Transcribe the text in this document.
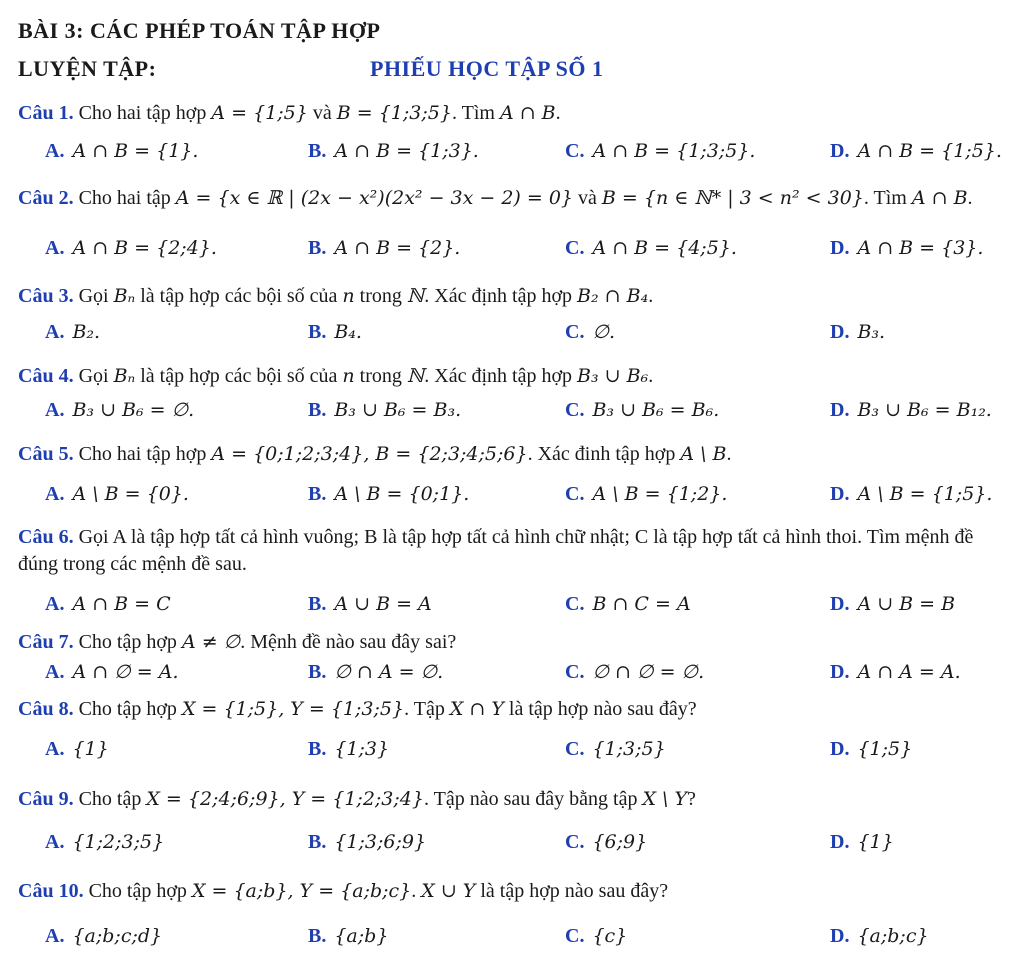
BÀI 3: CÁC PHÉP TOÁN TẬP HỢP
LUYỆN TẬP:	PHIẾU HỌC TẬP SỐ 1
Câu 1. Cho hai tập hợp A = {1;5} và B = {1;3;5}. Tìm A ∩ B.
A. A ∩ B = {1}.	B. A ∩ B = {1;3}.	C. A ∩ B = {1;3;5}.	D. A ∩ B = {1;5}.
Câu 2. Cho hai tập A = {x ∈ ℝ | (2x − x²)(2x² − 3x − 2) = 0} và B = {n ∈ ℕ* | 3 < n² < 30}. Tìm A ∩ B.
A. A ∩ B = {2;4}.	B. A ∩ B = {2}.	C. A ∩ B = {4;5}.	D. A ∩ B = {3}.
Câu 3. Gọi Bₙ là tập hợp các bội số của n trong ℕ. Xác định tập hợp B₂ ∩ B₄.
A. B₂.	B. B₄.	C. ∅.	D. B₃.
Câu 4. Gọi Bₙ là tập hợp các bội số của n trong ℕ. Xác định tập hợp B₃ ∪ B₆.
A. B₃ ∪ B₆ = ∅.	B. B₃ ∪ B₆ = B₃.	C. B₃ ∪ B₆ = B₆.	D. B₃ ∪ B₆ = B₁₂.
Câu 5. Cho hai tập hợp A = {0;1;2;3;4}, B = {2;3;4;5;6}. Xác đinh tập hợp A \ B.
A. A \ B = {0}.	B. A \ B = {0;1}.	C. A \ B = {1;2}.	D. A \ B = {1;5}.
Câu 6. Gọi A là tập hợp tất cả hình vuông; B là tập hợp tất cả hình chữ nhật; C là tập hợp tất cả hình thoi. Tìm mệnh đề đúng trong các mệnh đề sau.
A. A ∩ B = C	B. A ∪ B = A	C. B ∩ C = A	D. A ∪ B = B
Câu 7. Cho tập hợp A ≠ ∅. Mệnh đề nào sau đây sai?
A. A ∩ ∅ = A.	B. ∅ ∩ A = ∅.	C. ∅ ∩ ∅ = ∅.	D. A ∩ A = A.
Câu 8. Cho tập hợp X = {1;5}, Y = {1;3;5}. Tập X ∩ Y là tập hợp nào sau đây?
A. {1}	B. {1;3}	C. {1;3;5}	D. {1;5}
Câu 9. Cho tập X = {2;4;6;9}, Y = {1;2;3;4}. Tập nào sau đây bằng tập X \ Y?
A. {1;2;3;5}	B. {1;3;6;9}	C. {6;9}	D. {1}
Câu 10. Cho tập hợp X = {a;b}, Y = {a;b;c}. X ∪ Y là tập hợp nào sau đây?
A. {a;b;c;d}	B. {a;b}	C. {c}	D. {a;b;c}
